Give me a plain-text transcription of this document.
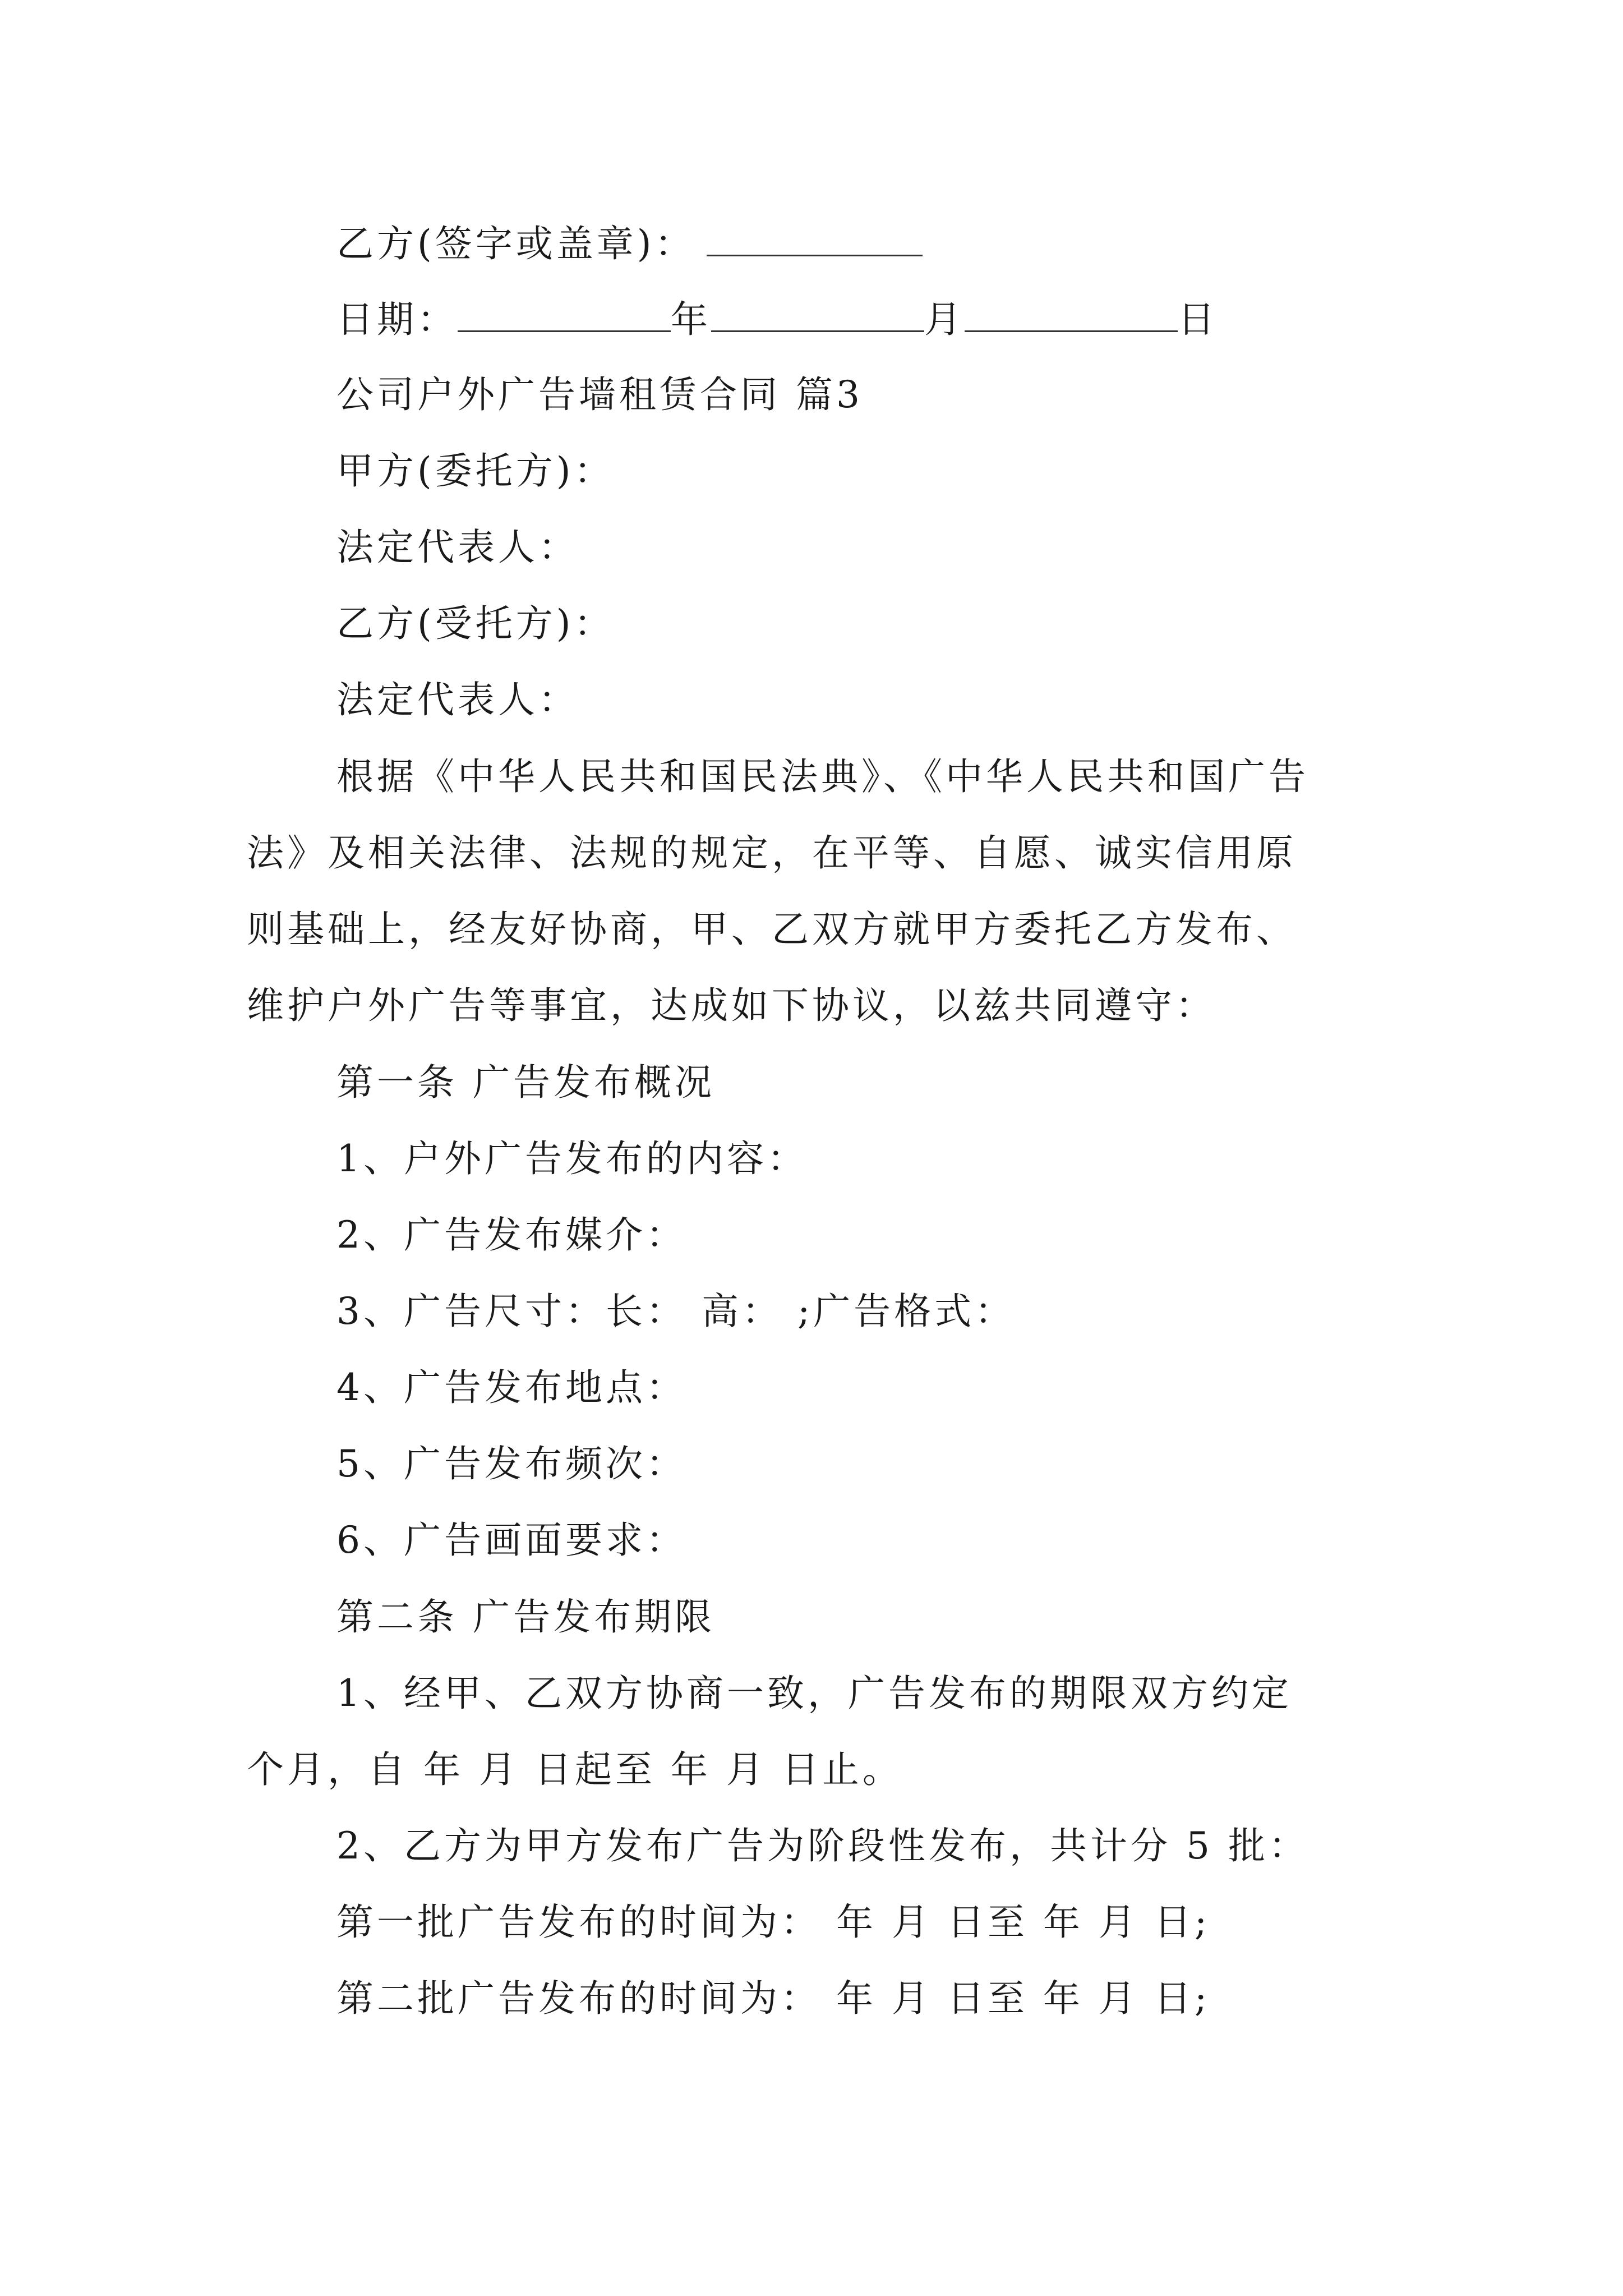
乙方(签字或盖章)：
日期：	年	月	日
公司户外广告墙租赁合同 篇3
甲方(委托方)：
法定代表人：
乙方(受托方)：
法定代表人：
根据《中华人民共和国民法典》、《中华人民共和国广告
法》及相关法律、法规的规定，在平等、自愿、诚实信用原
则基础上，经友好协商，甲、乙双方就甲方委托乙方发布、
维护户外广告等事宜，达成如下协议，以兹共同遵守：
第一条 广告发布概况
1、户外广告发布的内容：
2、广告发布媒介：
3、广告尺寸：长： 高： ;广告格式：
4、广告发布地点：
5、广告发布频次：
6、广告画面要求：
第二条 广告发布期限
1、经甲、乙双方协商一致，广告发布的期限双方约定
个月，自 年 月 日起至 年 月 日止。
2、乙方为甲方发布广告为阶段性发布，共计分 5 批：
第一批广告发布的时间为： 年 月 日至 年 月 日;
第二批广告发布的时间为： 年 月 日至 年 月 日;
